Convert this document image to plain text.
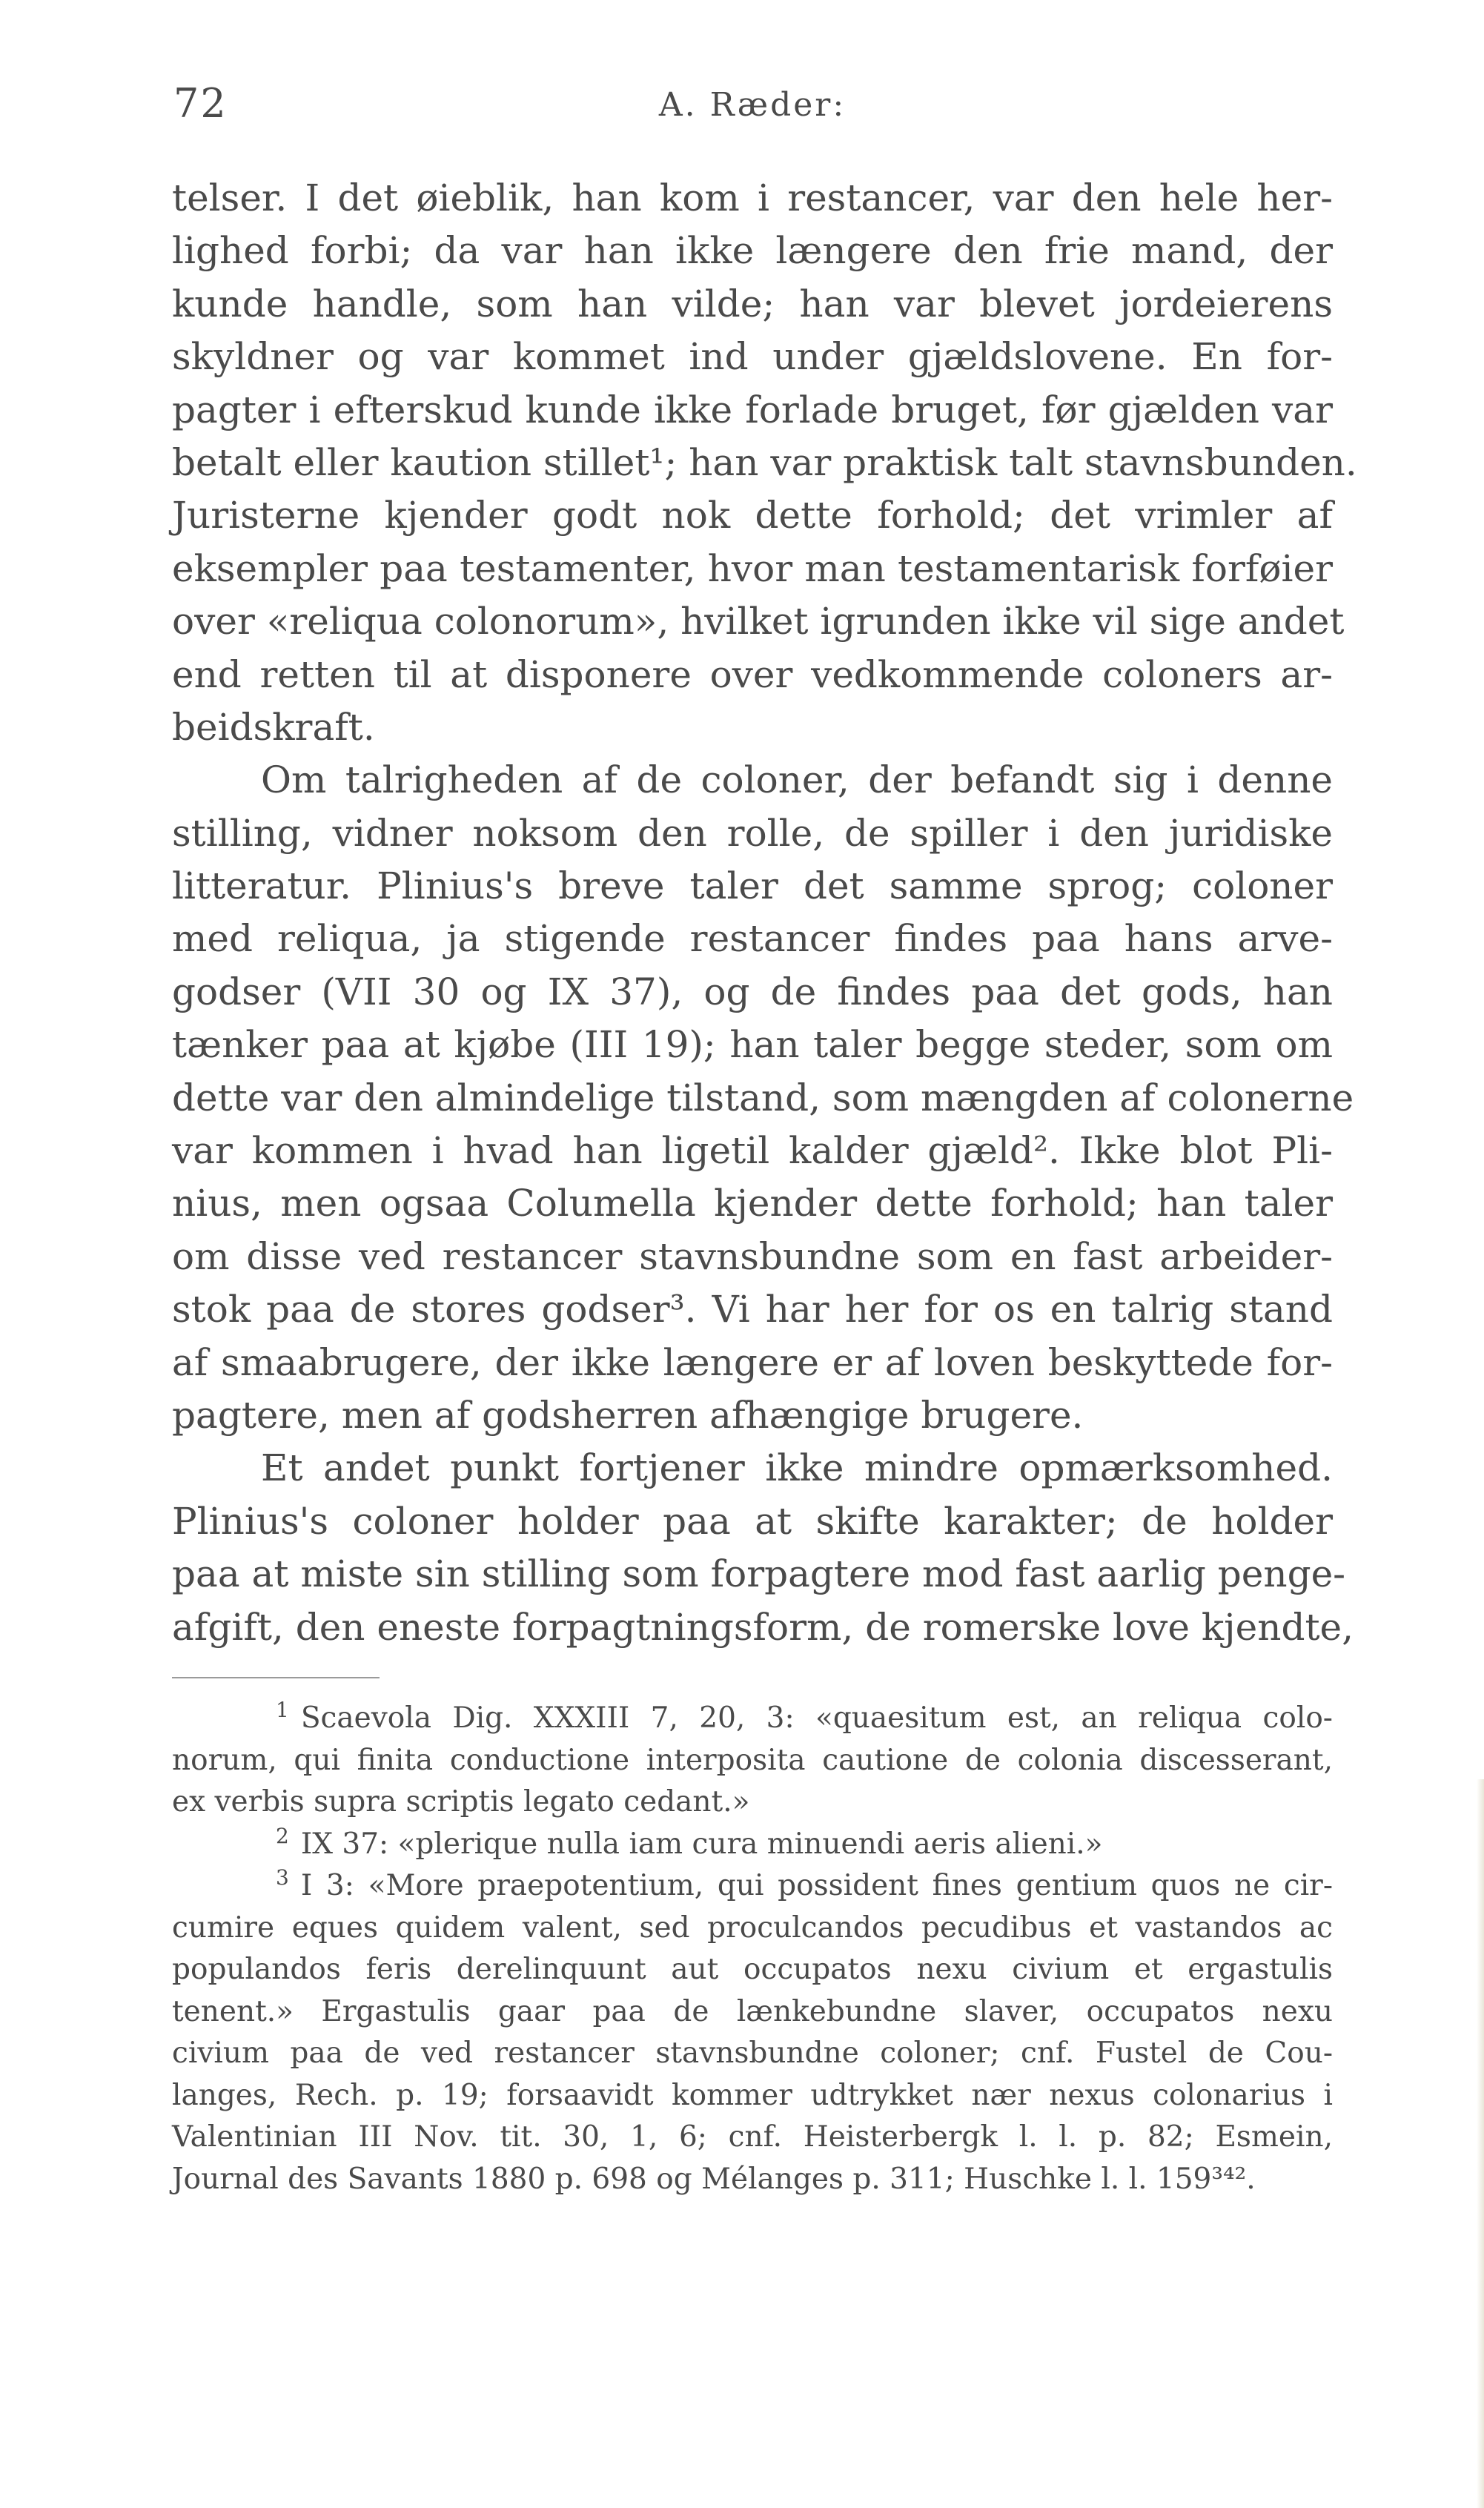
72	A. Ræder:
telser. I det øieblik, han kom i restancer, var den hele her-
lighed forbi; da var han ikke længere den frie mand, der
kunde handle, som han vilde; han var blevet jordeierens
skyldner og var kommet ind under gjældslovene. En for-
pagter i efterskud kunde ikke forlade bruget, før gjælden var
betalt eller kaution stillet¹; han var praktisk talt stavnsbunden.
Juristerne kjender godt nok dette forhold; det vrimler af
eksempler paa testamenter, hvor man testamentarisk forføier
over «reliqua colonorum», hvilket igrunden ikke vil sige andet
end retten til at disponere over vedkommende coloners ar-
beidskraft.
Om talrigheden af de coloner, der befandt sig i denne
stilling, vidner noksom den rolle, de spiller i den juridiske
litteratur. Plinius's breve taler det samme sprog; coloner
med reliqua, ja stigende restancer findes paa hans arve-
godser (VII 30 og IX 37), og de findes paa det gods, han
tænker paa at kjøbe (III 19); han taler begge steder, som om
dette var den almindelige tilstand, som mængden af colonerne
var kommen i hvad han ligetil kalder gjæld². Ikke blot Pli-
nius, men ogsaa Columella kjender dette forhold; han taler
om disse ved restancer stavnsbundne som en fast arbeider-
stok paa de stores godser³. Vi har her for os en talrig stand
af smaabrugere, der ikke længere er af loven beskyttede for-
pagtere, men af godsherren afhængige brugere.
Et andet punkt fortjener ikke mindre opmærksomhed.
Plinius's coloner holder paa at skifte karakter; de holder
paa at miste sin stilling som forpagtere mod fast aarlig penge-
afgift, den eneste forpagtningsform, de romerske love kjendte,
$^1$ Scaevola Dig. XXXIII 7, 20, 3: «quaesitum est, an reliqua colo-
norum, qui finita conductione interposita cautione de colonia discesserant,
ex verbis supra scriptis legato cedant.»
$^2$ IX 37: «plerique nulla iam cura minuendi aeris alieni.»
$^3$ I 3: «More praepotentium, qui possident fines gentium quos ne cir-
cumire eques quidem valent, sed proculcandos pecudibus et vastandos ac
populandos feris derelinquunt aut occupatos nexu civium et ergastulis
tenent.» Ergastulis gaar paa de lænkebundne slaver, occupatos nexu
civium paa de ved restancer stavnsbundne coloner; cnf. Fustel de Cou-
langes, Rech. p. 19; forsaavidt kommer udtrykket nær nexus colonarius i
Valentinian III Nov. tit. 30, 1, 6; cnf. Heisterbergk l. l. p. 82; Esmein,
Journal des Savants 1880 p. 698 og Mélanges p. 311; Huschke l. l. 159³⁴².
